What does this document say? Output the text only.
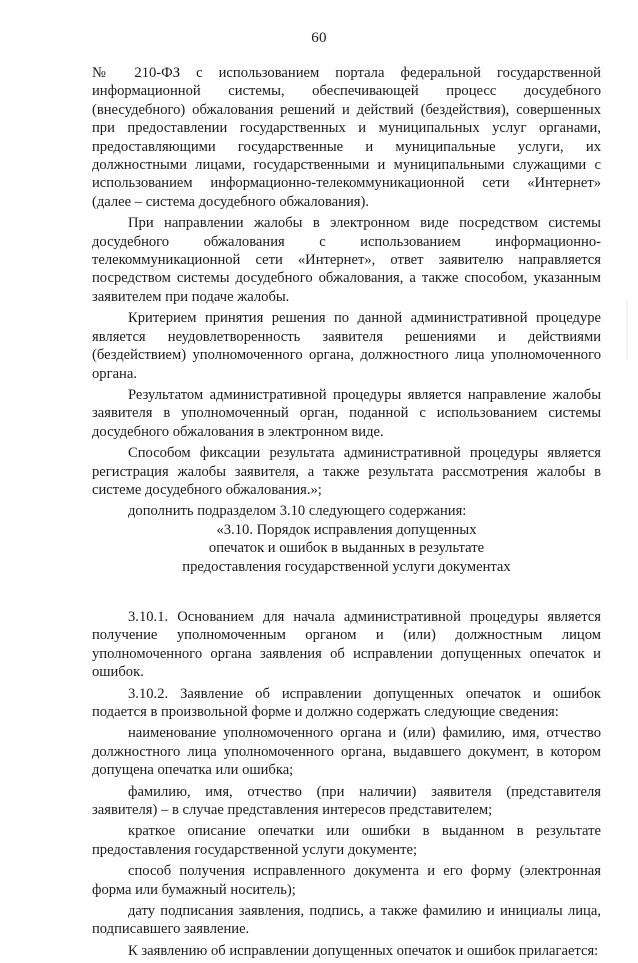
60

№ 210-ФЗ с использованием портала федеральной государственной информационной системы, обеспечивающей процесс досудебного (внесудебного) обжалования решений и действий (бездействия), совершенных при предоставлении государственных и муниципальных услуг органами, предоставляющими государственные и муниципальные услуги, их должностными лицами, государственными и муниципальными служащими с использованием информационно-телекоммуникационной сети «Интернет» (далее – система досудебного обжалования).

При направлении жалобы в электронном виде посредством системы досудебного обжалования с использованием информационно-телекоммуникационной сети «Интернет», ответ заявителю направляется посредством системы досудебного обжалования, а также способом, указанным заявителем при подаче жалобы.

Критерием принятия решения по данной административной процедуре является неудовлетворенность заявителя решениями и действиями (бездействием) уполномоченного органа, должностного лица уполномоченного органа.

Результатом административной процедуры является направление жалобы заявителя в уполномоченный орган, поданной с использованием системы досудебного обжалования в электронном виде.

Способом фиксации результата административной процедуры является регистрация жалобы заявителя, а также результата рассмотрения жалобы в системе досудебного обжалования.»;

дополнить подразделом 3.10 следующего содержания:

«3.10. Порядок исправления допущенных
опечаток и ошибок в выданных в результате
предоставления государственной услуги документах

3.10.1. Основанием для начала административной процедуры является получение уполномоченным органом и (или) должностным лицом уполномоченного органа заявления об исправлении допущенных опечаток и ошибок.

3.10.2. Заявление об исправлении допущенных опечаток и ошибок подается в произвольной форме и должно содержать следующие сведения:

наименование уполномоченного органа и (или) фамилию, имя, отчество должностного лица уполномоченного органа, выдавшего документ, в котором допущена опечатка или ошибка;

фамилию, имя, отчество (при наличии) заявителя (представителя заявителя) – в случае представления интересов представителем;

краткое описание опечатки или ошибки в выданном в результате предоставления государственной услуги документе;

способ получения исправленного документа и его форму (электронная форма или бумажный носитель);

дату подписания заявления, подпись, а также фамилию и инициалы лица, подписавшего заявление.

К заявлению об исправлении допущенных опечаток и ошибок прилагается:
